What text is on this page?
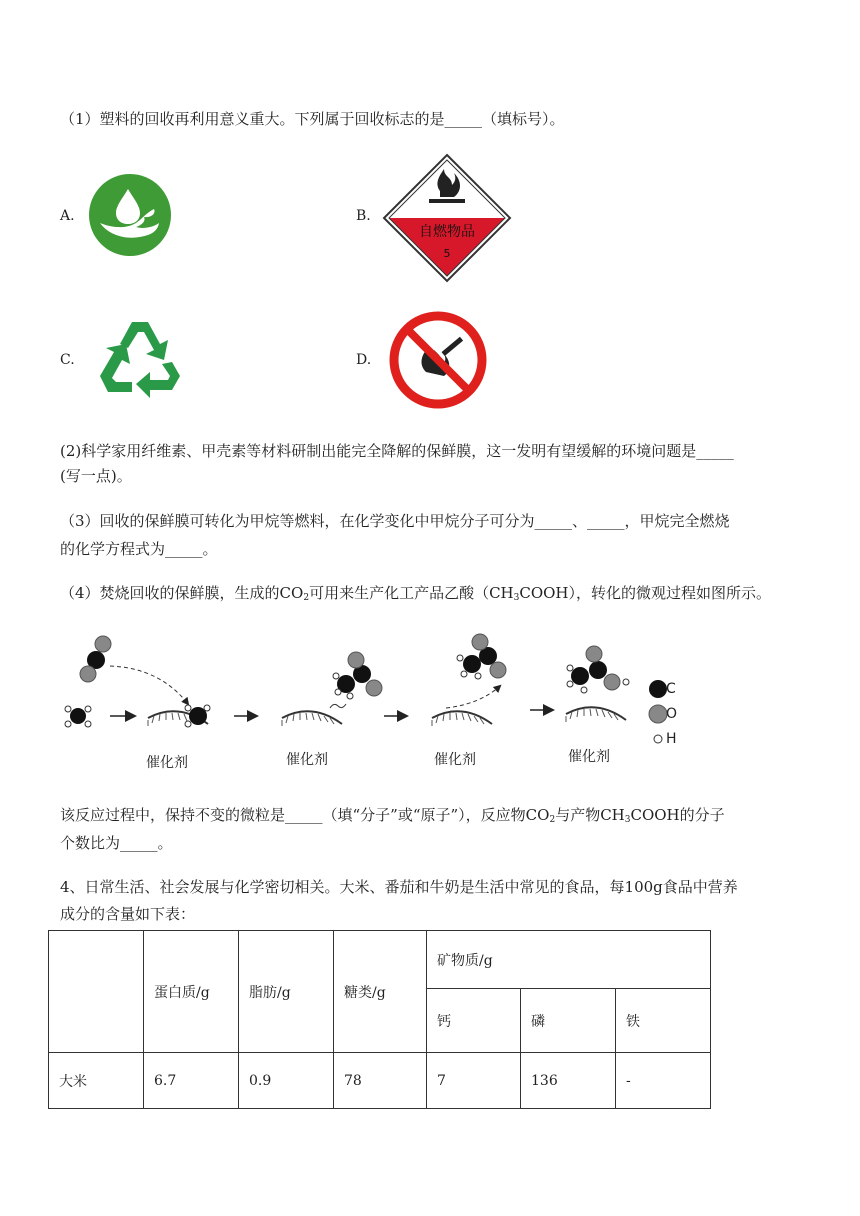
（1）塑料的回收再利用意义重大。下列属于回收标志的是_____（填标号）。
A.	B.
自燃物品
5
C.	D.
(2)科学家用纤维素、甲壳素等材料研制出能完全降解的保鲜膜，这一发明有望缓解的环境问题是_____
(写一点)。
（3）回收的保鲜膜可转化为甲烷等燃料，在化学变化中甲烷分子可分为_____、_____，甲烷完全燃烧
的化学方程式为_____。
（4）焚烧回收的保鲜膜，生成的$CO_2$可用来生产化工产品乙酸$(CH_3COOH)$，转化的微观过程如图所示。
C
O
H
催化剂	催化剂	催化剂	催化剂
该反应过程中，保持不变的微粒是_____（填“分子”或“原子”），反应物$CO_2$与产物$CH_3COOH$的分子
个数比为_____。
4、日常生活、社会发展与化学密切相关。大米、番茄和牛奶是生活中常见的食品，每100g食品中营养
成分的含量如下表：
	蛋白质/g	脂肪/g	糖类/g	矿物质/g		
				钙	磷	铁
大米	6.7	0.9	78	7	136	-
